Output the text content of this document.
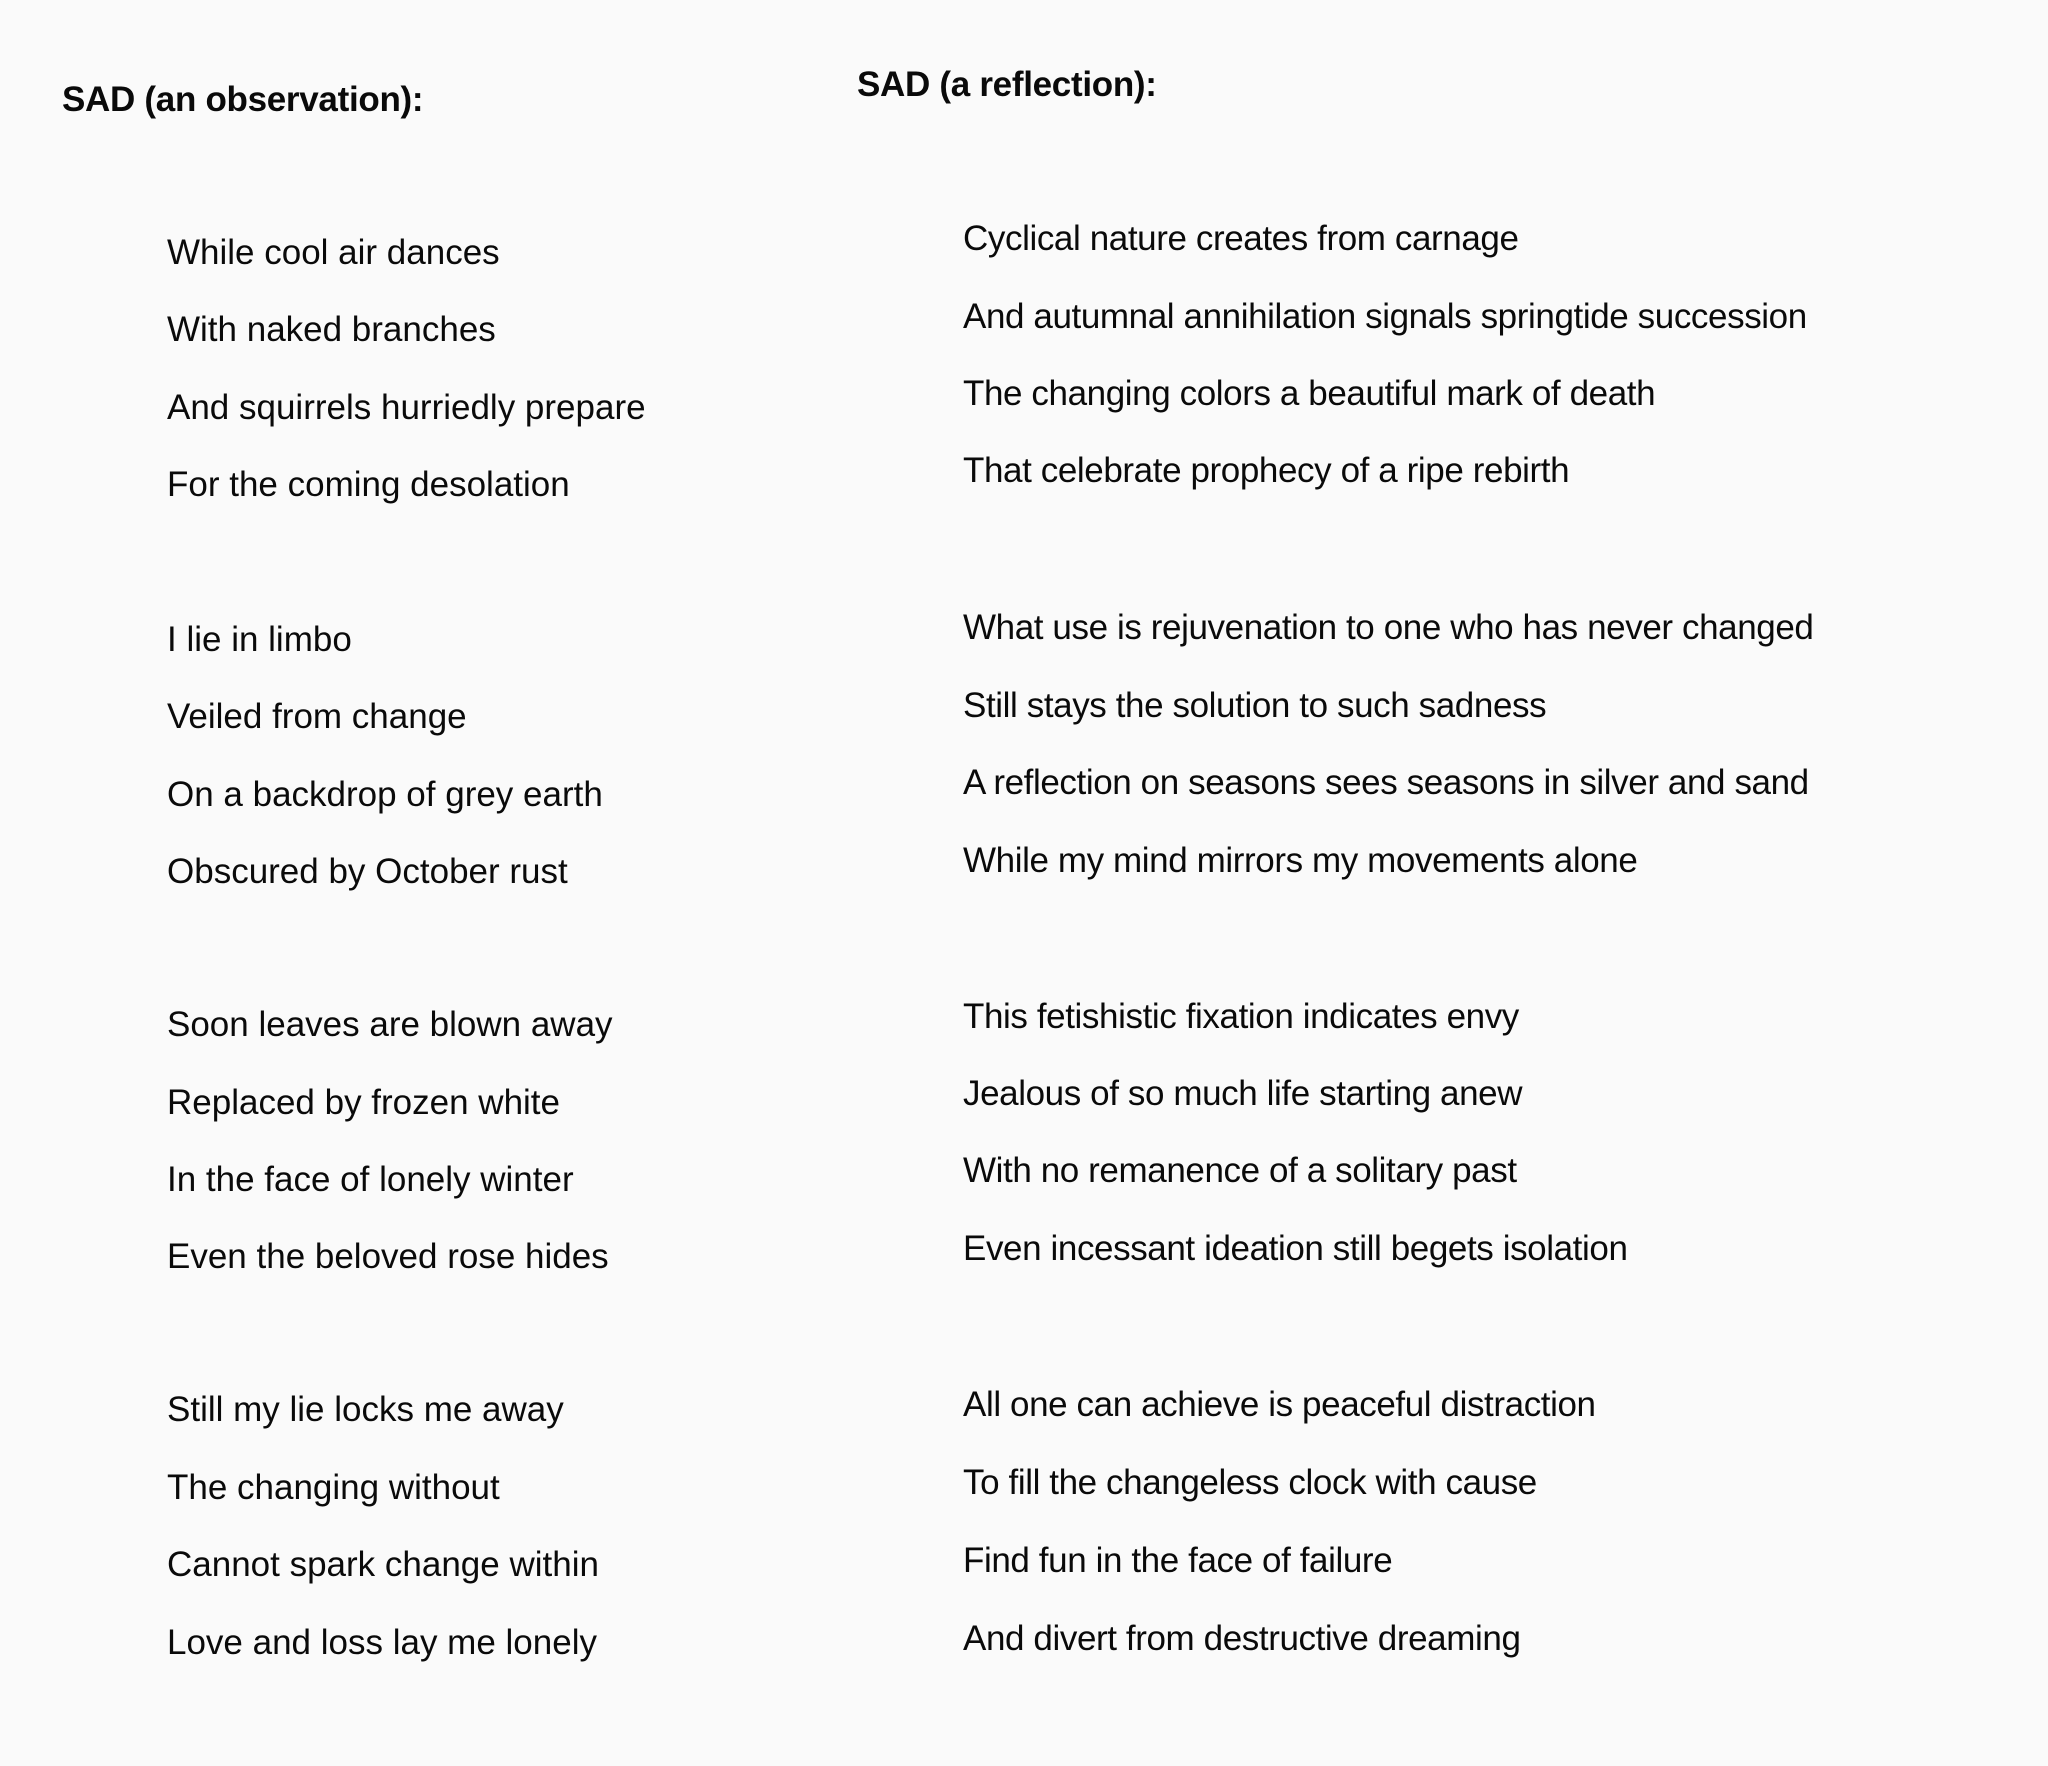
SAD (an observation):
While cool air dances
With naked branches
And squirrels hurriedly prepare
For the coming desolation
I lie in limbo
Veiled from change
On a backdrop of grey earth
Obscured by October rust
Soon leaves are blown away
Replaced by frozen white
In the face of lonely winter
Even the beloved rose hides
Still my lie locks me away
The changing without
Cannot spark change within
Love and loss lay me lonely
SAD (a reflection):
Cyclical nature creates from carnage
And autumnal annihilation signals springtide succession
The changing colors a beautiful mark of death
That celebrate prophecy of a ripe rebirth
What use is rejuvenation to one who has never changed
Still stays the solution to such sadness
A reflection on seasons sees seasons in silver and sand
While my mind mirrors my movements alone
This fetishistic fixation indicates envy
Jealous of so much life starting anew
With no remanence of a solitary past
Even incessant ideation still begets isolation
All one can achieve is peaceful distraction
To fill the changeless clock with cause
Find fun in the face of failure
And divert from destructive dreaming
